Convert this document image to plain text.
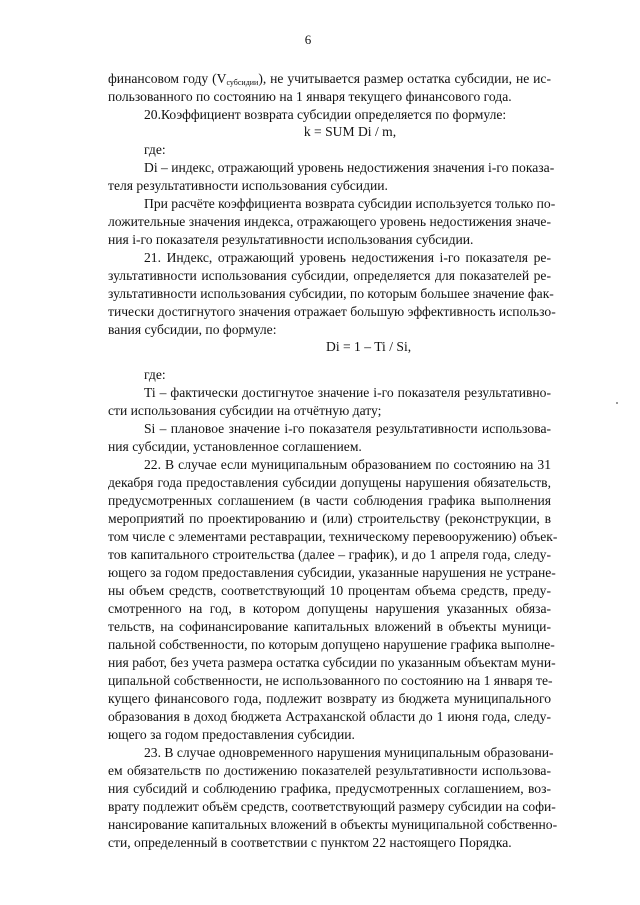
6
финансовом году $(V_{субсидии})$, не учитывается размер остатка субсидии, не ис-
пользованного по состоянию на 1 января текущего финансового года.
20.Коэффициент возврата субсидии определяется по формуле:
k = SUM Di / m,
где:
Di – индекс, отражающий уровень недостижения значения i-го показа-
теля результативности использования субсидии.
При расчёте коэффициента возврата субсидии используется только по-
ложительные значения индекса, отражающего уровень недостижения значе-
ния i-го показателя результативности использования субсидии.
21. Индекс, отражающий уровень недостижения i-го показателя ре-
зультативности использования субсидии, определяется для показателей ре-
зультативности использования субсидии, по которым большее значение фак-
тически достигнутого значения отражает большую эффективность использо-
вания субсидии, по формуле:
Di = 1 – Ti / Si,
где:
Ti – фактически достигнутое значение i-го показателя результативно-
сти использования субсидии на отчётную дату;
Si – плановое значение i-го показателя результативности использова-
ния субсидии, установленное соглашением.
22. В случае если муниципальным образованием по состоянию на 31
декабря года предоставления субсидии допущены нарушения обязательств,
предусмотренных соглашением (в части соблюдения графика выполнения
мероприятий по проектированию и (или) строительству (реконструкции, в
том числе с элементами реставрации, техническому перевооружению) объек-
тов капитального строительства (далее – график), и до 1 апреля года, следу-
ющего за годом предоставления субсидии, указанные нарушения не устране-
ны объем средств, соответствующий 10 процентам объема средств, преду-
смотренного на год, в котором допущены нарушения указанных обяза-
тельств, на софинансирование капитальных вложений в объекты муници-
пальной собственности, по которым допущено нарушение графика выполне-
ния работ, без учета размера остатка субсидии по указанным объектам муни-
ципальной собственности, не использованного по состоянию на 1 января те-
кущего финансового года, подлежит возврату из бюджета муниципального
образования в доход бюджета Астраханской области до 1 июня года, следу-
ющего за годом предоставления субсидии.
23. В случае одновременного нарушения муниципальным образовани-
ем обязательств по достижению показателей результативности использова-
ния субсидий и соблюдению графика, предусмотренных соглашением, воз-
врату подлежит объём средств, соответствующий размеру субсидии на софи-
нансирование капитальных вложений в объекты муниципальной собственно-
сти, определенный в соответствии с пунктом 22 настоящего Порядка.
